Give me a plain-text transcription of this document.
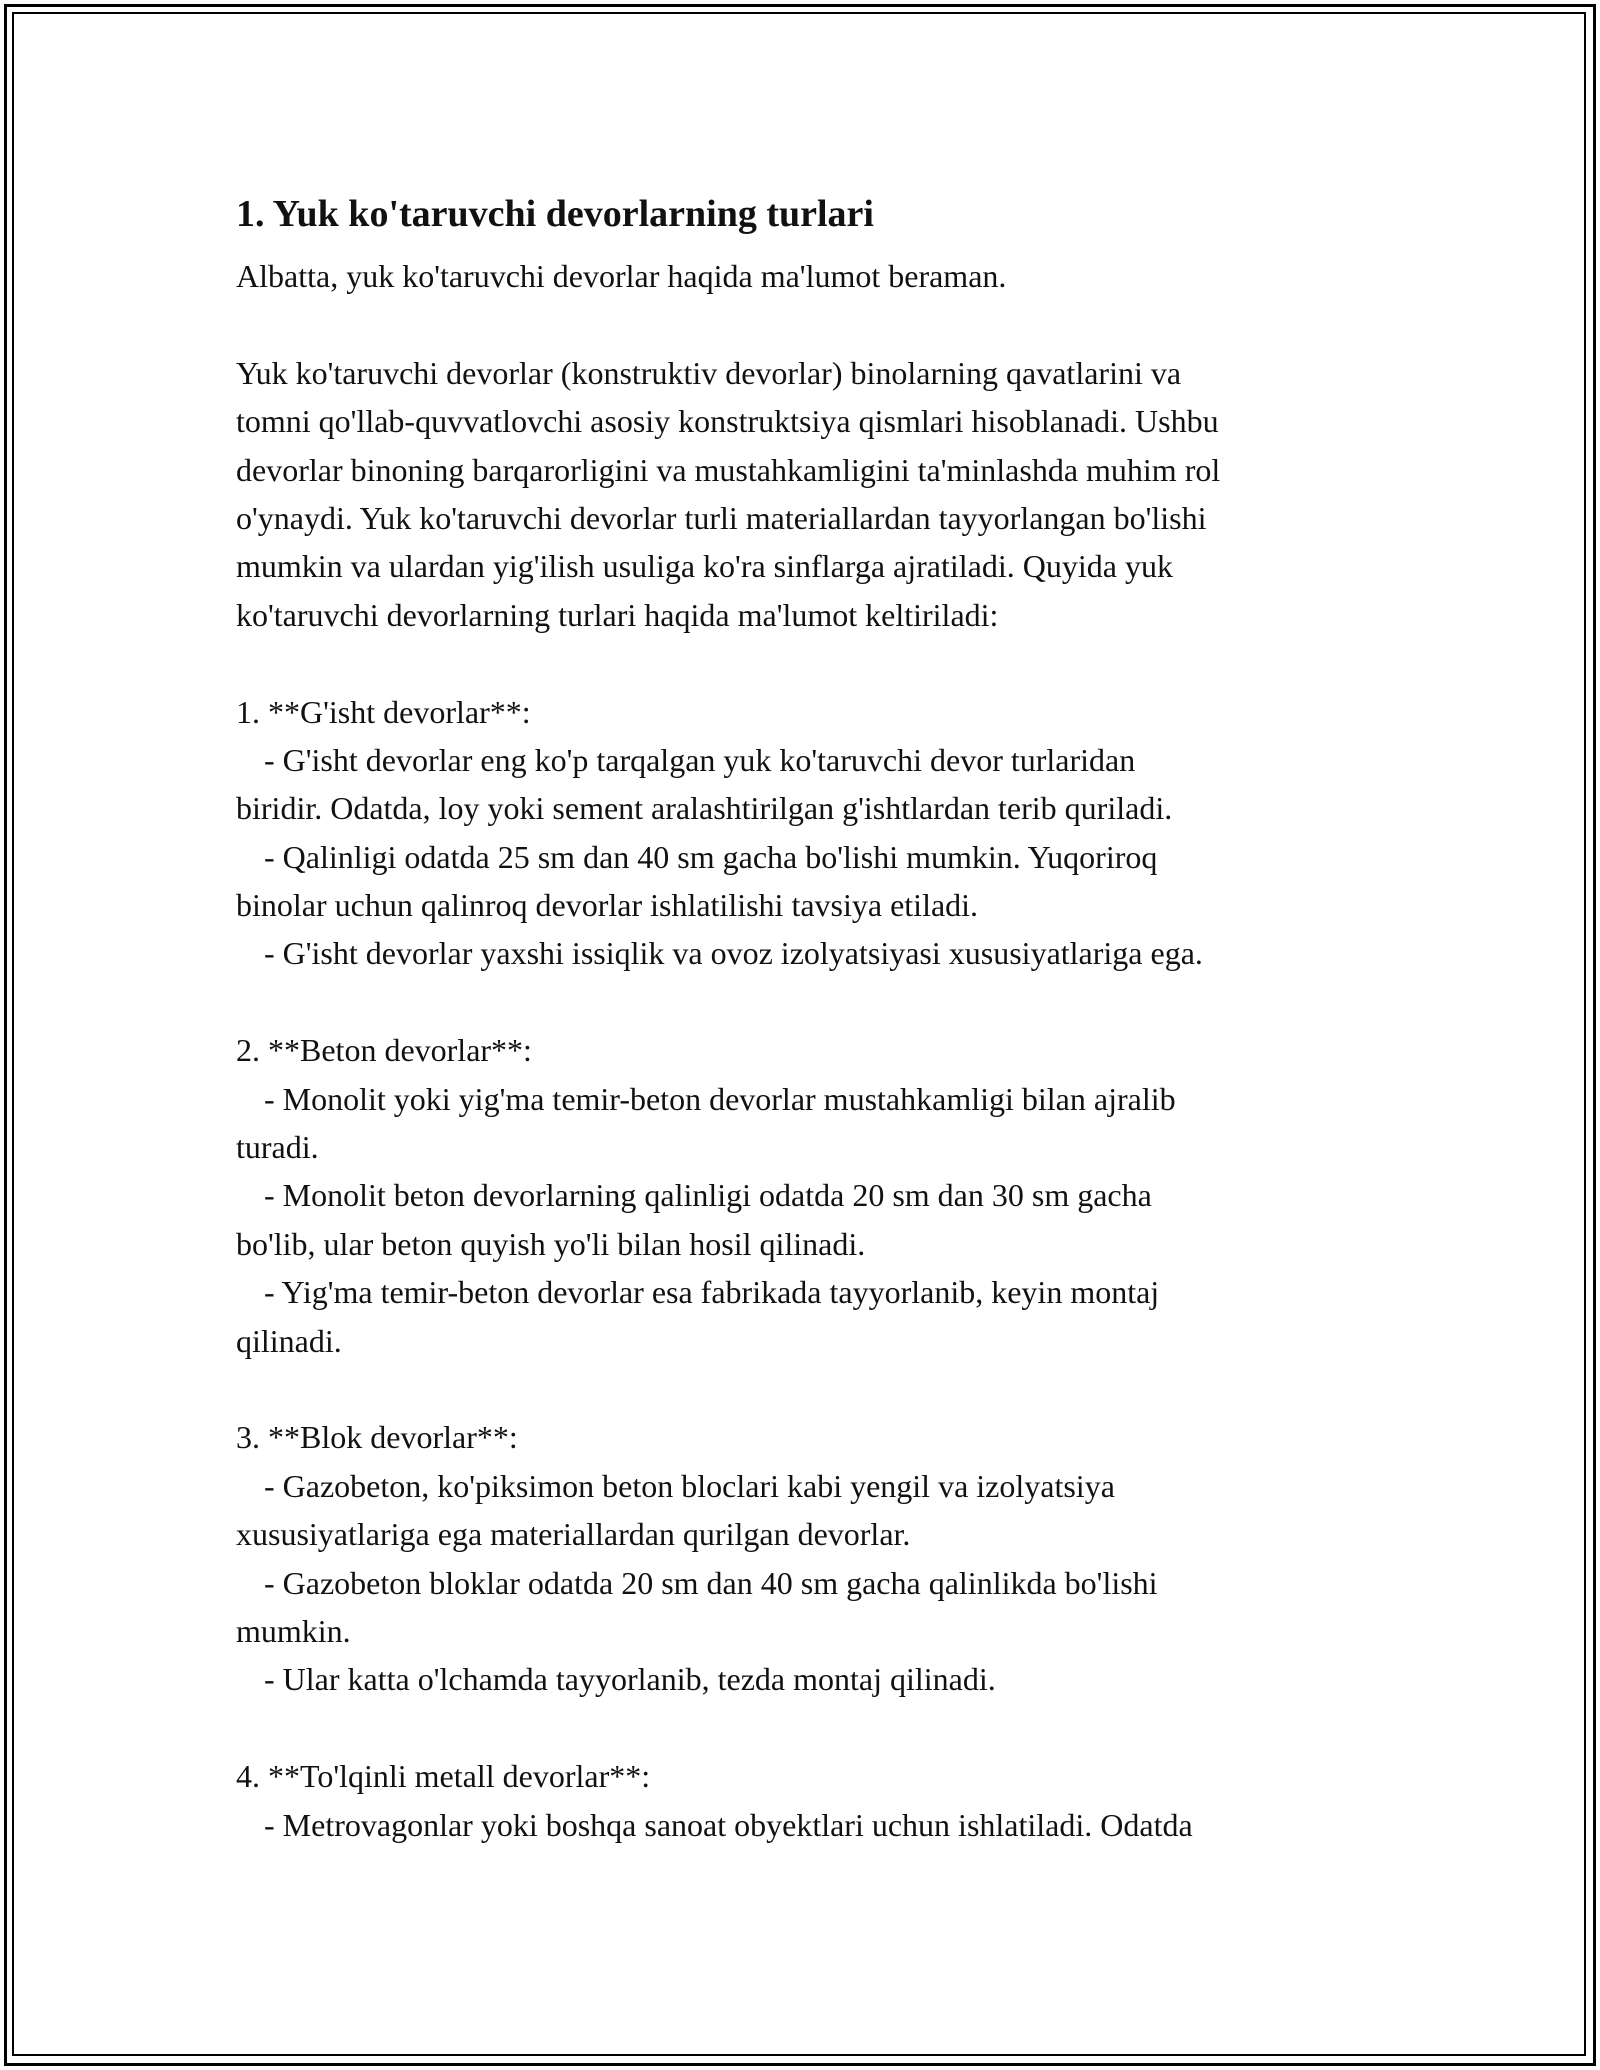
1. Yuk ko'taruvchi devorlarning turlari
Albatta, yuk ko'taruvchi devorlar haqida ma'lumot beraman.
Yuk ko'taruvchi devorlar (konstruktiv devorlar) binolarning qavatlarini va
tomni qo'llab-quvvatlovchi asosiy konstruktsiya qismlari hisoblanadi. Ushbu
devorlar binoning barqarorligini va mustahkamligini ta'minlashda muhim rol
o'ynaydi. Yuk ko'taruvchi devorlar turli materiallardan tayyorlangan bo'lishi
mumkin va ulardan yig'ilish usuliga ko'ra sinflarga ajratiladi. Quyida yuk
ko'taruvchi devorlarning turlari haqida ma'lumot keltiriladi:
1. **G'isht devorlar**:
- G'isht devorlar eng ko'p tarqalgan yuk ko'taruvchi devor turlaridan
biridir. Odatda, loy yoki sement aralashtirilgan g'ishtlardan terib quriladi.
- Qalinligi odatda 25 sm dan 40 sm gacha bo'lishi mumkin. Yuqoriroq
binolar uchun qalinroq devorlar ishlatilishi tavsiya etiladi.
- G'isht devorlar yaxshi issiqlik va ovoz izolyatsiyasi xususiyatlariga ega.
2. **Beton devorlar**:
- Monolit yoki yig'ma temir-beton devorlar mustahkamligi bilan ajralib
turadi.
- Monolit beton devorlarning qalinligi odatda 20 sm dan 30 sm gacha
bo'lib, ular beton quyish yo'li bilan hosil qilinadi.
- Yig'ma temir-beton devorlar esa fabrikada tayyorlanib, keyin montaj
qilinadi.
3. **Blok devorlar**:
- Gazobeton, ko'piksimon beton bloclari kabi yengil va izolyatsiya
xususiyatlariga ega materiallardan qurilgan devorlar.
- Gazobeton bloklar odatda 20 sm dan 40 sm gacha qalinlikda bo'lishi
mumkin.
- Ular katta o'lchamda tayyorlanib, tezda montaj qilinadi.
4. **To'lqinli metall devorlar**:
- Metrovagonlar yoki boshqa sanoat obyektlari uchun ishlatiladi. Odatda
